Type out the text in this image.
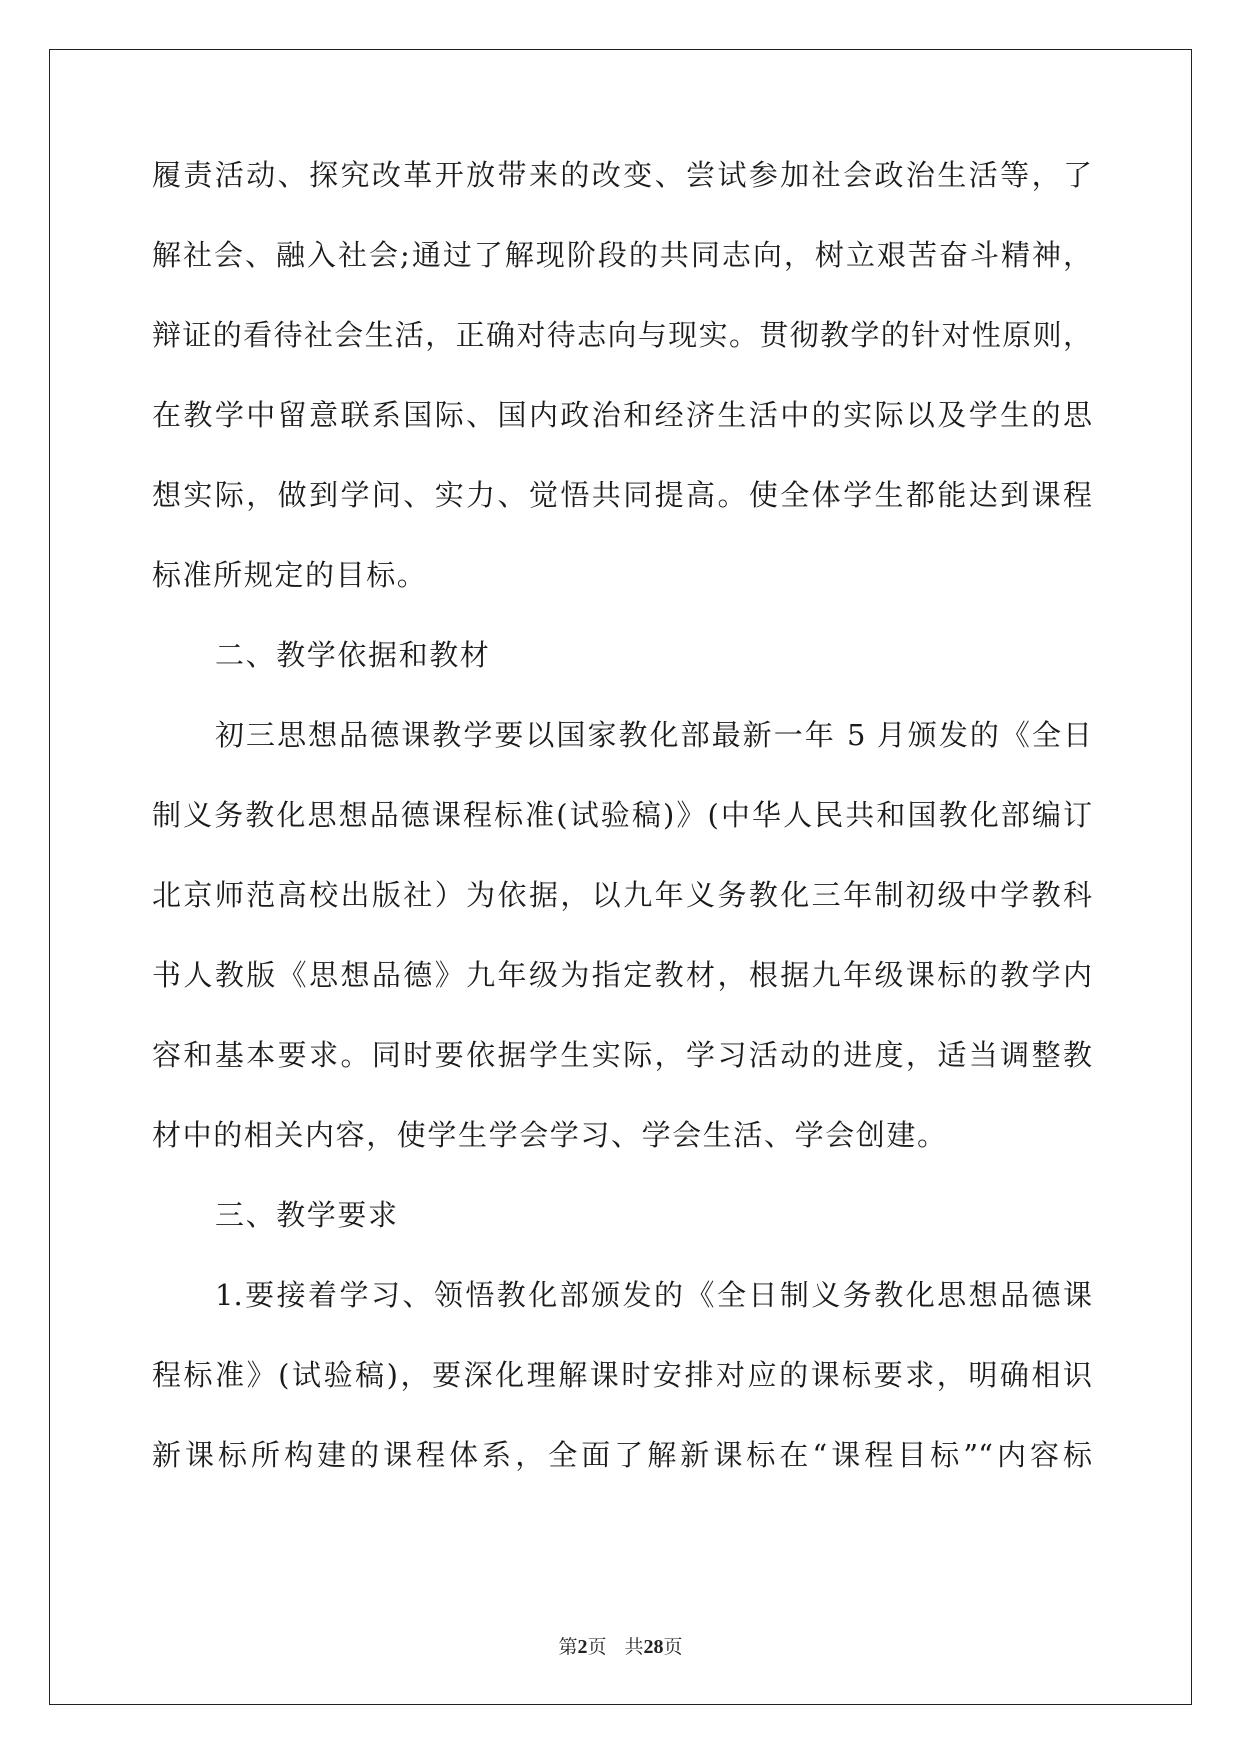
履责活动、探究改革开放带来的改变、尝试参加社会政治生活等，了
解社会、融入社会;通过了解现阶段的共同志向，树立艰苦奋斗精神，
辩证的看待社会生活，正确对待志向与现实。贯彻教学的针对性原则，
在教学中留意联系国际、国内政治和经济生活中的实际以及学生的思
想实际，做到学问、实力、觉悟共同提高。使全体学生都能达到课程
标准所规定的目标。
二、教学依据和教材
初三思想品德课教学要以国家教化部最新一年 5 月颁发的《全日
制义务教化思想品德课程标准(试验稿)》(中华人民共和国教化部编订
北京师范高校出版社）为依据，以九年义务教化三年制初级中学教科
书人教版《思想品德》九年级为指定教材，根据九年级课标的教学内
容和基本要求。同时要依据学生实际，学习活动的进度，适当调整教
材中的相关内容，使学生学会学习、学会生活、学会创建。
三、教学要求
1.要接着学习、领悟教化部颁发的《全日制义务教化思想品德课
程标准》(试验稿)，要深化理解课时安排对应的课标要求，明确相识
新课标所构建的课程体系，全面了解新课标在“课程目标”“内容标
第2页 共28页
